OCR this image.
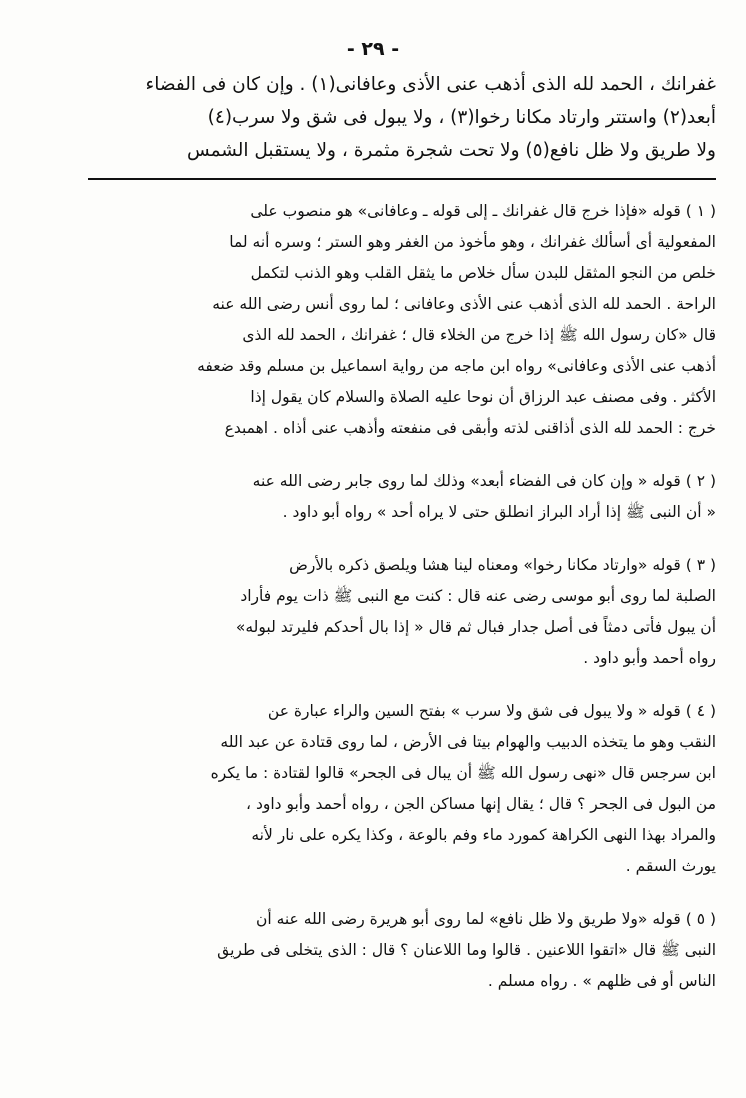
- ٢٩ -
غفرانك ، الحمد لله الذى أذهب عنى الأذى وعافانى(١) . وإن كان فى الفضاء
أبعد(٢) واستتر وارتاد مكانا رخوا(٣) ، ولا يبول فى شق ولا سرب(٤)
ولا طريق ولا ظل نافع(٥) ولا تحت شجرة مثمرة ، ولا يستقبل الشمس
( ١ ) قوله «فإذا خرج قال غفرانك ـ إلى قوله ـ وعافانى» هو منصوب على
المفعولية أى أسألك غفرانك ، وهو مأخوذ من الغفر وهو الستر ؛ وسره أنه لما
خلص من النجو المثقل للبدن سأل خلاص ما يثقل القلب وهو الذنب لتكمل
الراحة . الحمد لله الذى أذهب عنى الأذى وعافانى ؛ لما روى أنس رضى الله عنه
قال «كان رسول الله ﷺ إذا خرج من الخلاء قال ؛ غفرانك ، الحمد لله الذى
أذهب عنى الأذى وعافانى» رواه ابن ماجه من رواية اسماعيل بن مسلم وقد ضعفه
الأكثر . وفى مصنف عبد الرزاق أن نوحا عليه الصلاة والسلام كان يقول إذا
خرج : الحمد لله الذى أذاقنى لذته وأبقى فى منفعته وأذهب عنى أذاه . اهمبدع
( ٢ ) قوله « وإن كان فى الفضاء أبعد» وذلك لما روى جابر رضى الله عنه
« أن النبى ﷺ إذا أراد البراز انطلق حتى لا يراه أحد » رواه أبو داود .
( ٣ ) قوله «وارتاد مكانا رخوا» ومعناه لينا هشا ويلصق ذكره بالأرض
الصلبة لما روى أبو موسى رضى عنه قال : كنت مع النبى ﷺ ذات يوم فأراد
أن يبول فأتى دمثاً فى أصل جدار فبال ثم قال « إذا بال أحدكم فليرتد لبوله»
رواه أحمد وأبو داود .
( ٤ ) قوله « ولا يبول فى شق ولا سرب » بفتح السين والراء عبارة عن
النقب وهو ما يتخذه الدبيب والهوام بيتا فى الأرض ، لما روى قتادة عن عبد الله
ابن سرجس قال «نهى رسول الله ﷺ أن يبال فى الجحر» قالوا لقتادة : ما يكره
من البول فى الجحر ؟ قال ؛ يقال إنها مساكن الجن ، رواه أحمد وأبو داود ،
والمراد بهذا النهى الكراهة كمورد ماء وفم بالوعة ، وكذا يكره على نار لأنه
يورث السقم .
( ٥ ) قوله «ولا طريق ولا ظل نافع» لما روى أبو هريرة رضى الله عنه أن
النبى ﷺ قال «اتقوا اللاعنين . قالوا وما اللاعنان ؟ قال : الذى يتخلى فى طريق
الناس أو فى ظلهم » . رواه مسلم .
